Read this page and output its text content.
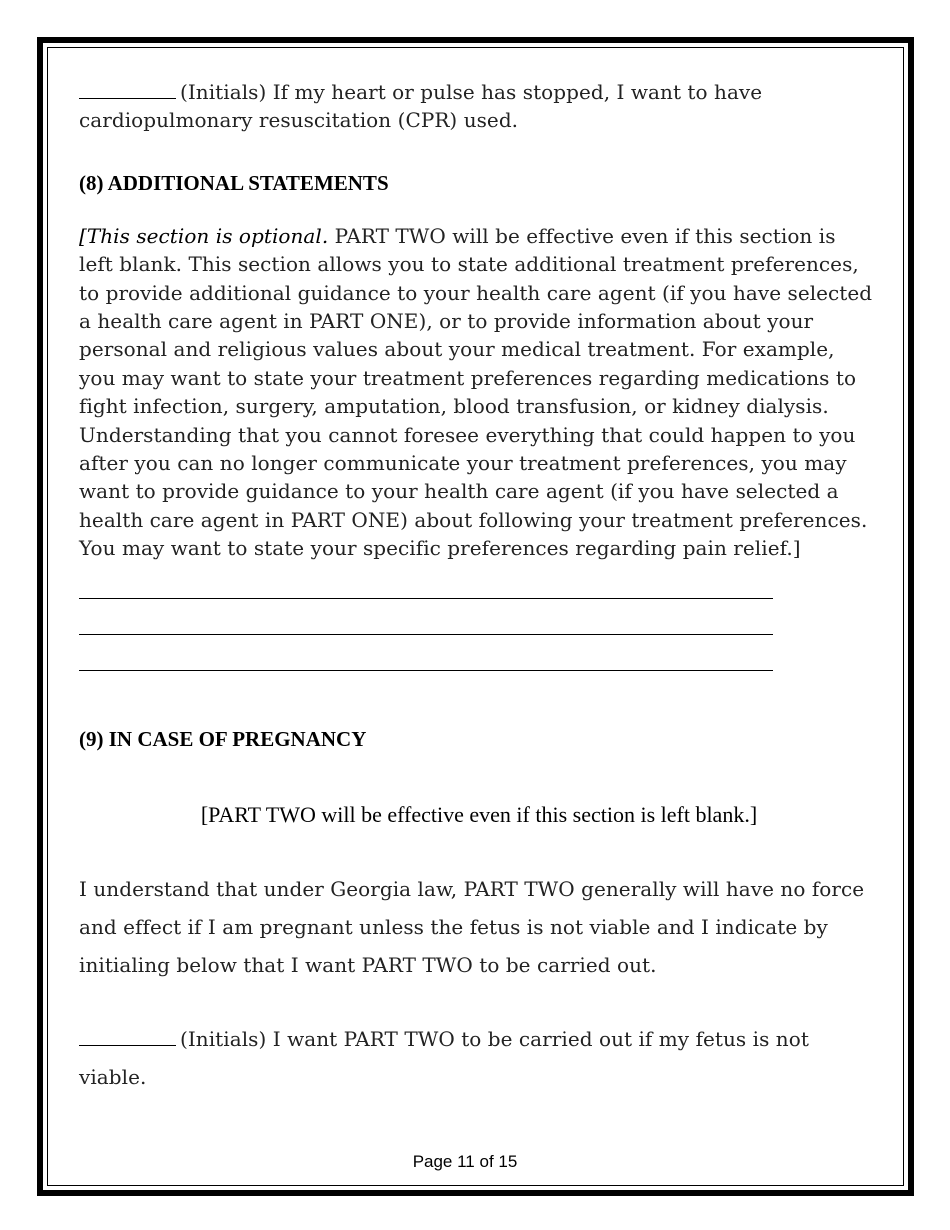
(Initials) If my heart or pulse has stopped, I want to have cardiopulmonary resuscitation (CPR) used.

(8) ADDITIONAL STATEMENTS

[This section is optional. PART TWO will be effective even if this section is left blank. This section allows you to state additional treatment preferences, to provide additional guidance to your health care agent (if you have selected a health care agent in PART ONE), or to provide information about your personal and religious values about your medical treatment. For example, you may want to state your treatment preferences regarding medications to fight infection, surgery, amputation, blood transfusion, or kidney dialysis. Understanding that you cannot foresee everything that could happen to you after you can no longer communicate your treatment preferences, you may want to provide guidance to your health care agent (if you have selected a health care agent in PART ONE) about following your treatment preferences. You may want to state your specific preferences regarding pain relief.]

(9) IN CASE OF PREGNANCY

[PART TWO will be effective even if this section is left blank.]

I understand that under Georgia law, PART TWO generally will have no force and effect if I am pregnant unless the fetus is not viable and I indicate by initialing below that I want PART TWO to be carried out.

(Initials) I want PART TWO to be carried out if my fetus is not viable.

Page 11 of 15
